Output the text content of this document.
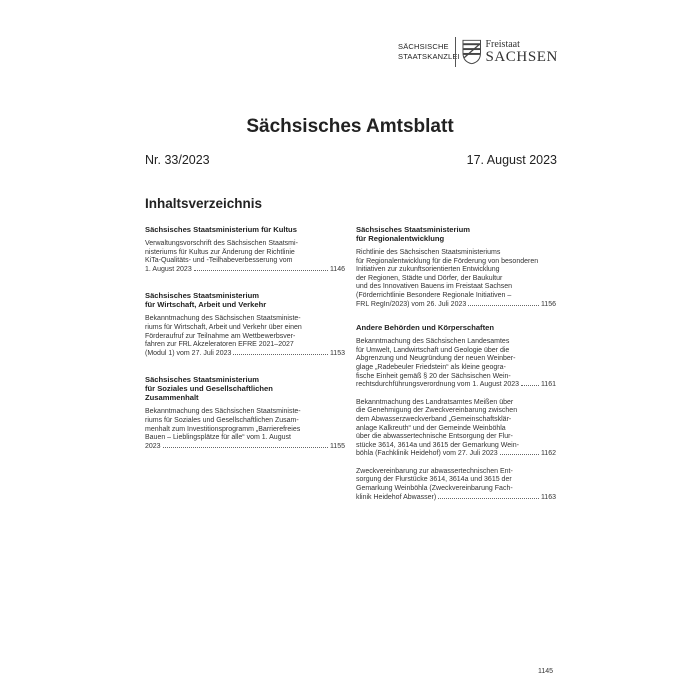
SÄCHSISCHE
STAATSKANZLEI
Freistaat
SACHSEN
Sächsisches Amtsblatt
Nr. 33/2023	17. August 2023
Inhaltsverzeichnis
Sächsisches Staatsministerium für Kultus
Verwaltungsvorschrift des Sächsischen Staatsmi-
nisteriums für Kultus zur Änderung der Richtlinie
KiTa-Qualitäts- und -Teilhabeverbesserung vom
1. August 2023	1146
Sächsisches Staatsministerium
für Wirtschaft, Arbeit und Verkehr
Bekanntmachung des Sächsischen Staatsministe-
riums für Wirtschaft, Arbeit und Verkehr über einen
Förderaufruf zur Teilnahme am Wettbewerbsver-
fahren zur FRL Akzeleratoren EFRE 2021–2027
(Modul 1) vom 27. Juli 2023	1153
Sächsisches Staatsministerium
für Soziales und Gesellschaftlichen
Zusammenhalt
Bekanntmachung des Sächsischen Staatsministe-
riums für Soziales und Gesellschaftlichen Zusam-
menhalt zum Investitionsprogramm „Barrierefreies
Bauen – Lieblingsplätze für alle“ vom 1. August
2023	1155
Sächsisches Staatsministerium
für Regionalentwicklung
Richtlinie des Sächsischen Staatsministeriums
für Regionalentwicklung für die Förderung von besonderen
Initiativen zur zukunftsorientierten Entwicklung
der Regionen, Städte und Dörfer, der Baukultur
und des Innovativen Bauens im Freistaat Sachsen
(Förderrichtlinie Besondere Regionale Initiativen –
FRL RegIn/2023) vom 26. Juli 2023	1156
Andere Behörden und Körperschaften
Bekanntmachung des Sächsischen Landesamtes
für Umwelt, Landwirtschaft und Geologie über die
Abgrenzung und Neugründung der neuen Weinber-
glage „Radebeuler Friedstein“ als kleine geogra-
fische Einheit gemäß § 20 der Sächsischen Wein-
rechtsdurchführungsverordnung vom 1. August 2023	1161
Bekanntmachung des Landratsamtes Meißen über
die Genehmigung der Zweckvereinbarung zwischen
dem Abwasserzweckverband „Gemeinschaftsklär-
anlage Kalkreuth“ und der Gemeinde Weinböhla
über die abwassertechnische Entsorgung der Flur-
stücke 3614, 3614a und 3615 der Gemarkung Wein-
böhla (Fachklinik Heidehof) vom 27. Juli 2023	1162
Zweckvereinbarung zur abwassertechnischen Ent-
sorgung der Flurstücke 3614, 3614a und 3615 der
Gemarkung Weinböhla (Zweckvereinbarung Fach-
klinik Heidehof Abwasser)	1163
1145
